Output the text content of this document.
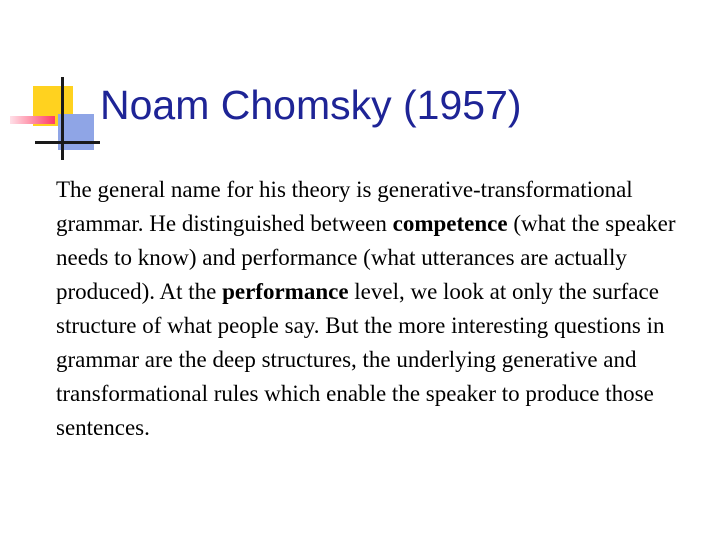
Noam Chomsky (1957)

The general name for his theory is generative-transformational grammar. He distinguished between competence (what the speaker needs to know) and performance (what utterances are actually produced). At the performance level, we look at only the surface structure of what people say. But the more interesting questions in grammar are the deep structures, the underlying generative and transformational rules which enable the speaker to produce those sentences.
